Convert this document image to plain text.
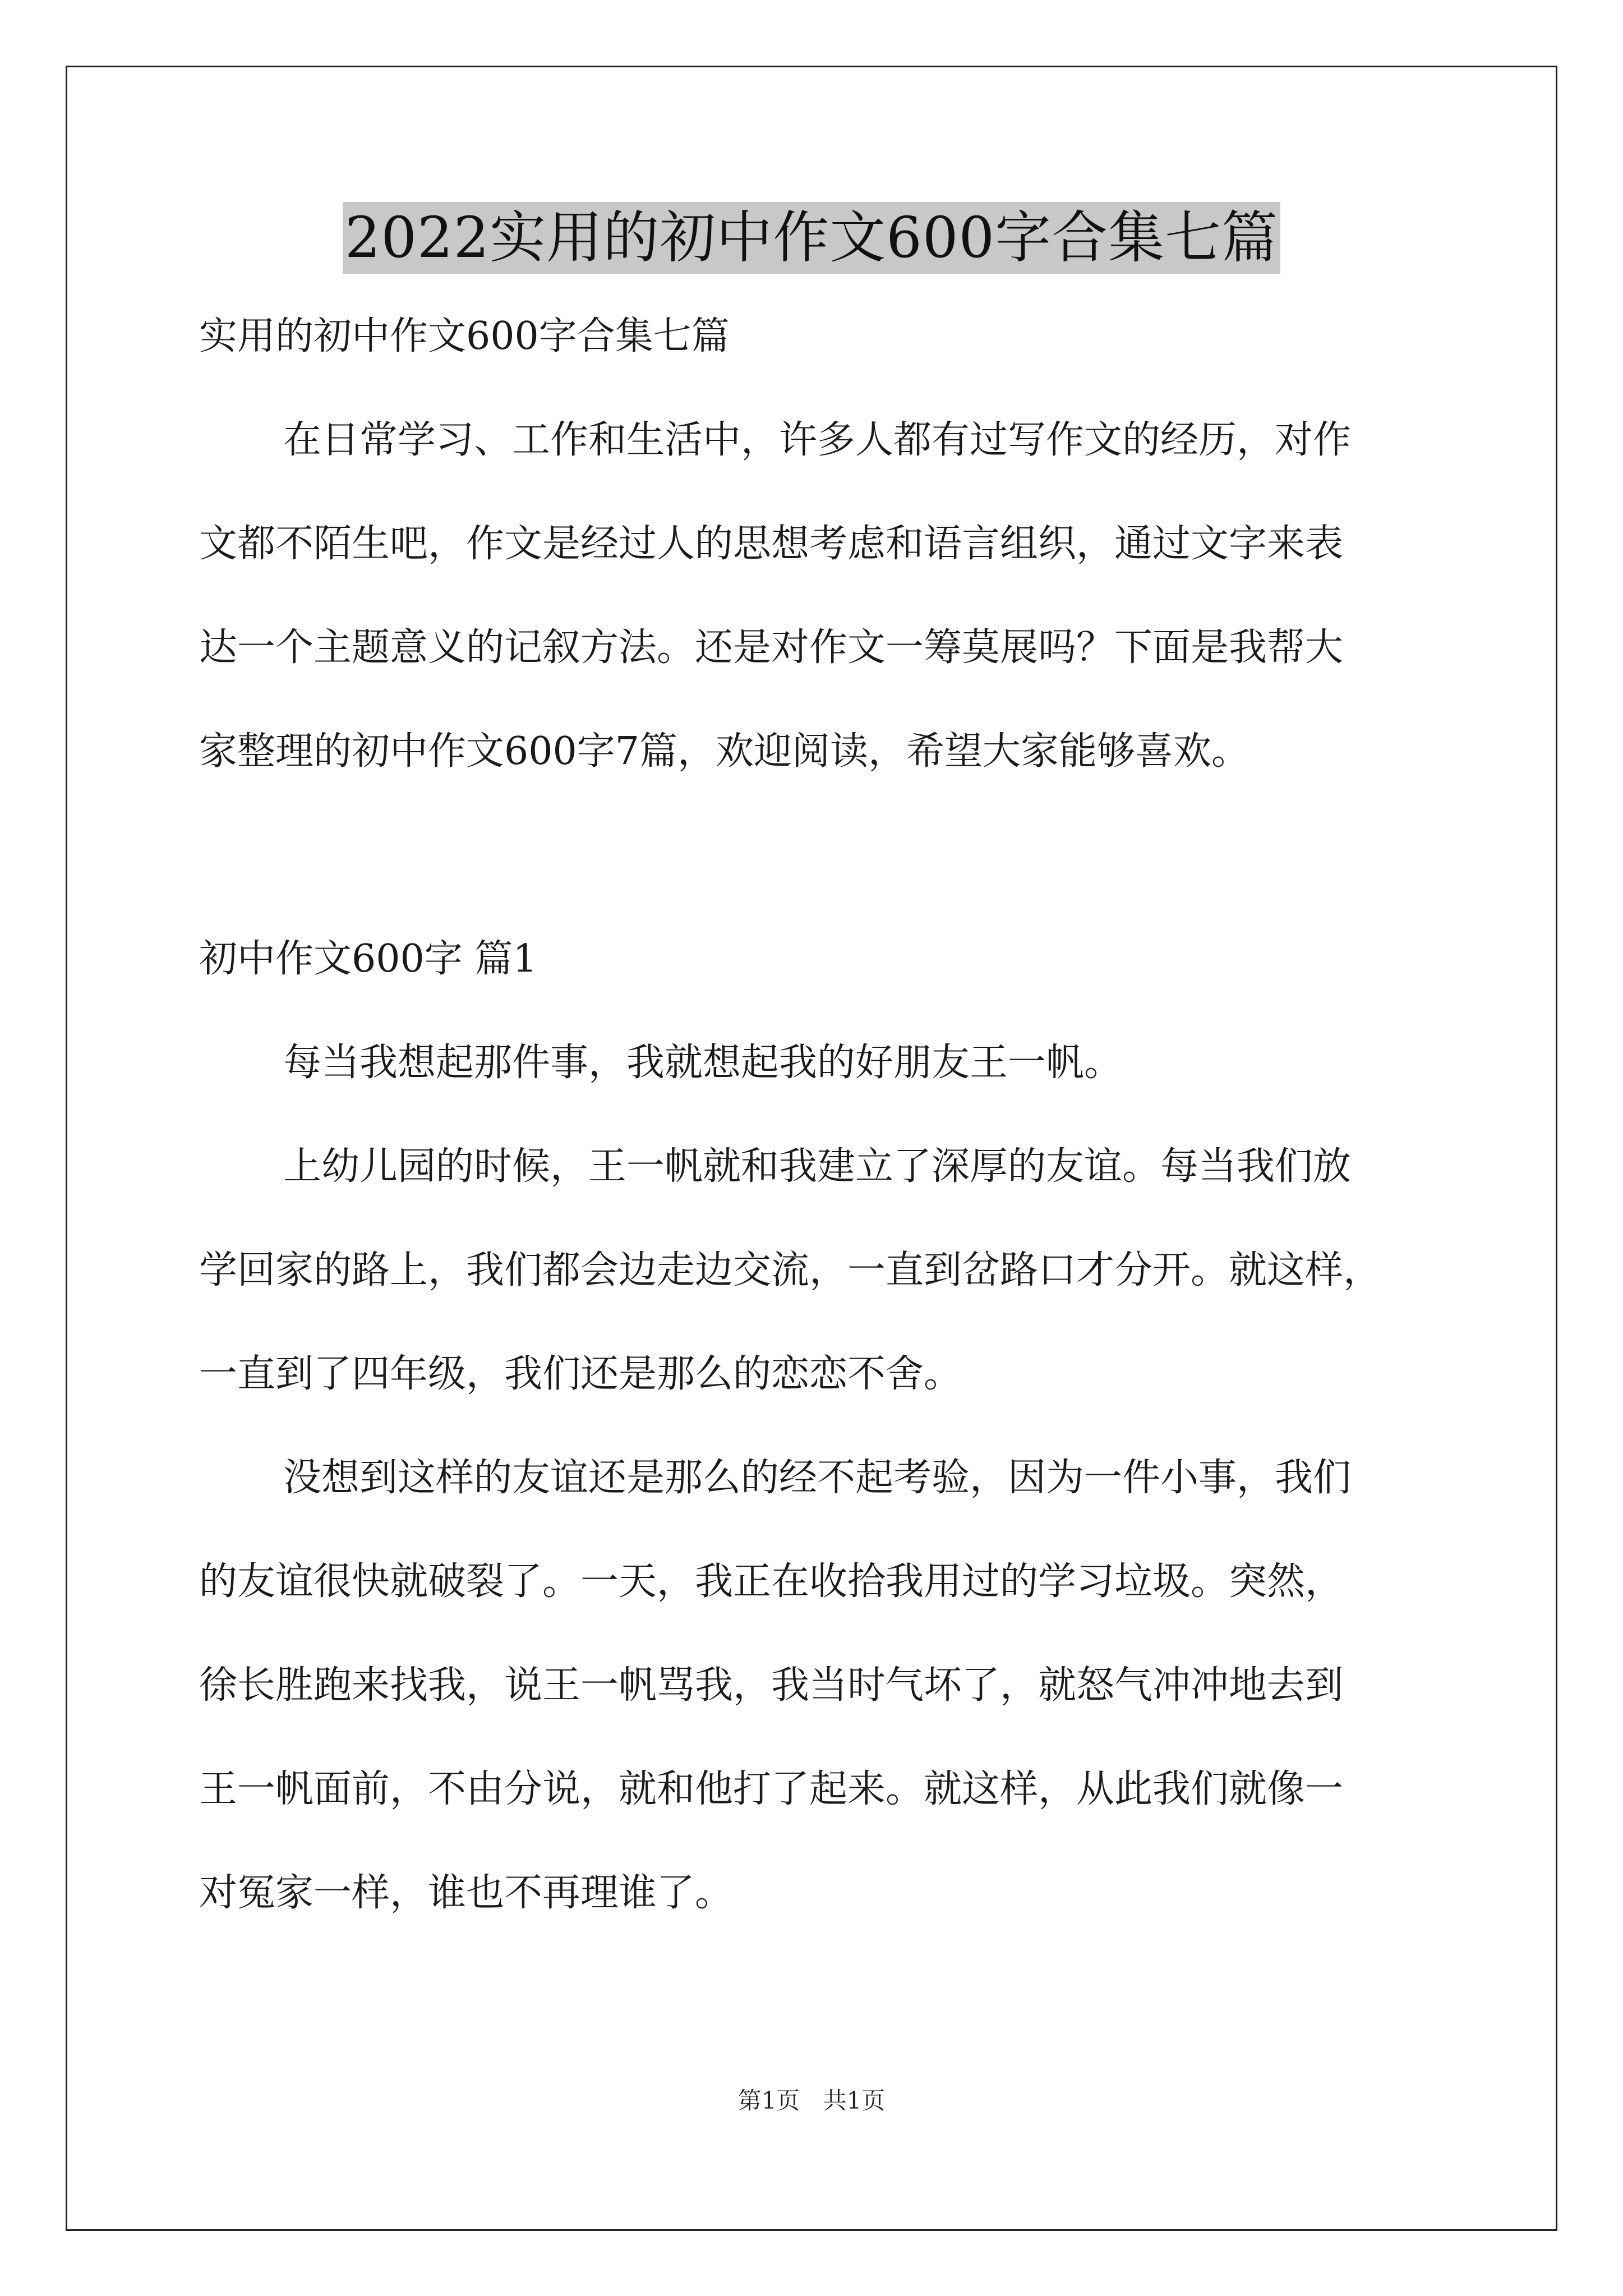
2022实用的初中作文600字合集七篇
实用的初中作文600字合集七篇
在日常学习、工作和生活中，许多人都有过写作文的经历，对作
文都不陌生吧，作文是经过人的思想考虑和语言组织，通过文字来表
达一个主题意义的记叙方法。还是对作文一筹莫展吗？下面是我帮大
家整理的初中作文600字7篇，欢迎阅读，希望大家能够喜欢。
初中作文600字 篇1
每当我想起那件事，我就想起我的好朋友王一帆。
上幼儿园的时候，王一帆就和我建立了深厚的友谊。每当我们放
学回家的路上，我们都会边走边交流，一直到岔路口才分开。就这样，
一直到了四年级，我们还是那么的恋恋不舍。
没想到这样的友谊还是那么的经不起考验，因为一件小事，我们
的友谊很快就破裂了。一天，我正在收拾我用过的学习垃圾。突然，
徐长胜跑来找我，说王一帆骂我，我当时气坏了，就怒气冲冲地去到
王一帆面前，不由分说，就和他打了起来。就这样，从此我们就像一
对冤家一样，谁也不再理谁了。
第1页 共1页
